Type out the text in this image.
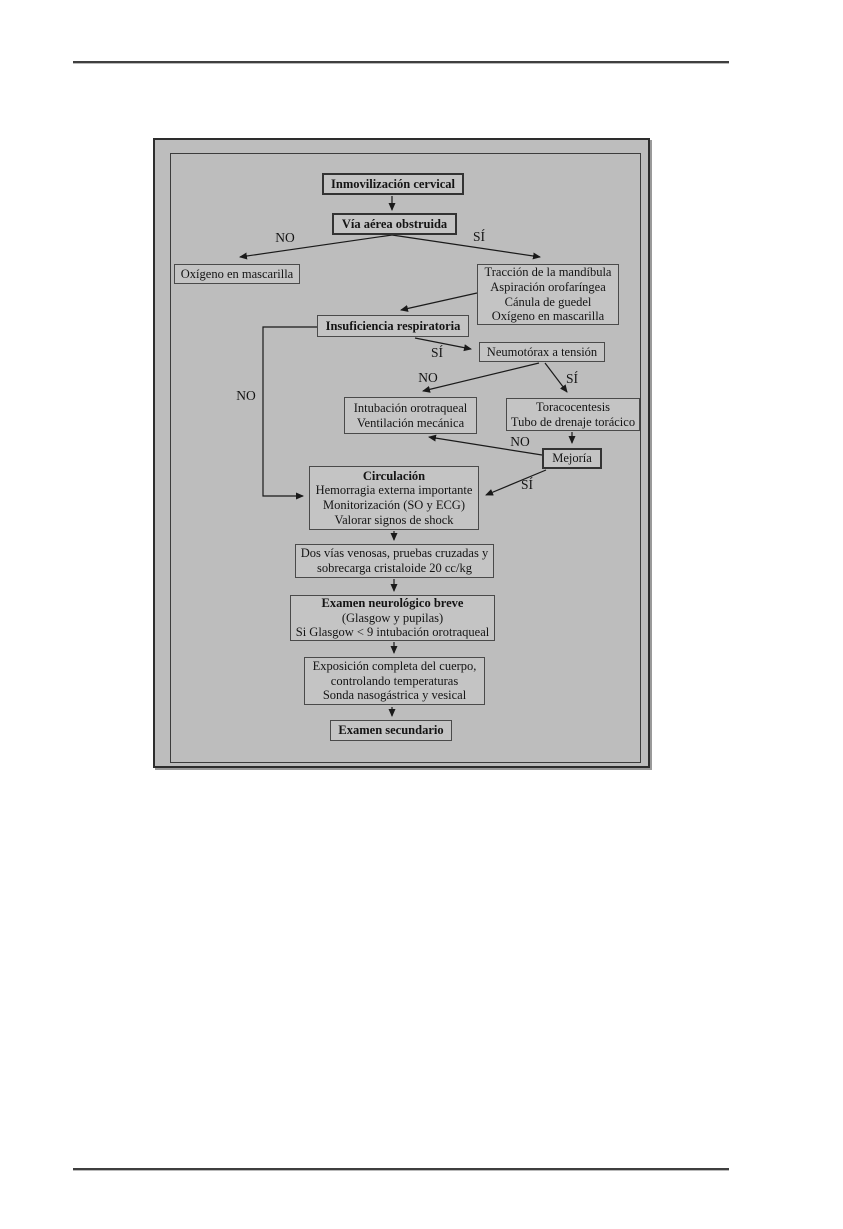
Inmovilización cervical
Vía aérea obstruida
Oxígeno en mascarilla	Tracción de la mandíbula
Aspiración orofaríngea
Cánula de guedel
Oxígeno en mascarilla
Insuficiencia respiratoria
Neumotórax a tensión
Intubación orotraqueal
Ventilación mecánica
Toracocentesis
Tubo de drenaje torácico
Mejoría
Circulación
Hemorragia externa importante
Monitorización (SO y ECG)
Valorar signos de shock
Dos vías venosas, pruebas cruzadas y
sobrecarga cristaloide 20 cc/kg
Examen neurológico breve
(Glasgow y pupilas)
Si Glasgow < 9 intubación orotraqueal
Exposición completa del cuerpo,
controlando temperaturas
Sonda nasogástrica y vesical
Examen secundario
NO	SÍ
NO
SÍ
NO	SÍ
NO
SÍ
